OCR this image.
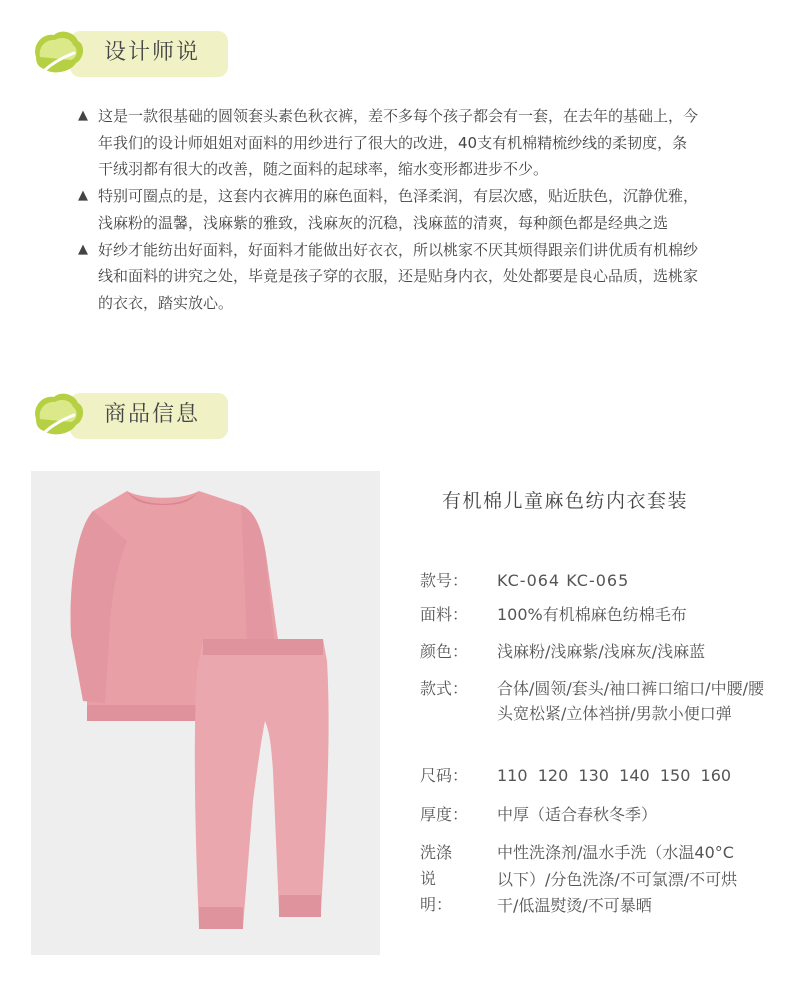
设计师说
▲ 这是一款很基础的圆领套头素色秋衣裤，差不多每个孩子都会有一套，在去年的基础上，今年我们的设计师姐姐对面料的用纱进行了很大的改进，40支有机棉精梳纱线的柔韧度，条干绒羽都有很大的改善，随之面料的起球率，缩水变形都进步不少。
▲ 特别可圈点的是，这套内衣裤用的麻色面料，色泽柔润，有层次感，贴近肤色，沉静优雅，浅麻粉的温馨，浅麻紫的雅致，浅麻灰的沉稳，浅麻蓝的清爽，每种颜色都是经典之选
▲ 好纱才能纺出好面料，好面料才能做出好衣衣，所以桃家不厌其烦得跟亲们讲优质有机棉纱线和面料的讲究之处，毕竟是孩子穿的衣服，还是贴身内衣，处处都要是良心品质，选桃家的衣衣，踏实放心。
商品信息
有机棉儿童麻色纺内衣套装
款号：	KC-064 KC-065
面料：	100%有机棉麻色纺棉毛布
颜色：	浅麻粉/浅麻紫/浅麻灰/浅麻蓝
款式：	合体/圆领/套头/袖口裤口缩口/中腰/腰头宽松紧/立体裆拼/男款小便口弹
尺码：	110  120  130  140  150  160
厚度：	中厚（适合春秋冬季）
洗涤说明：
中性洗涤剂/温水手洗（水温40°C以下）/分色洗涤/不可氯漂/不可烘干/低温熨烫/不可暴晒
